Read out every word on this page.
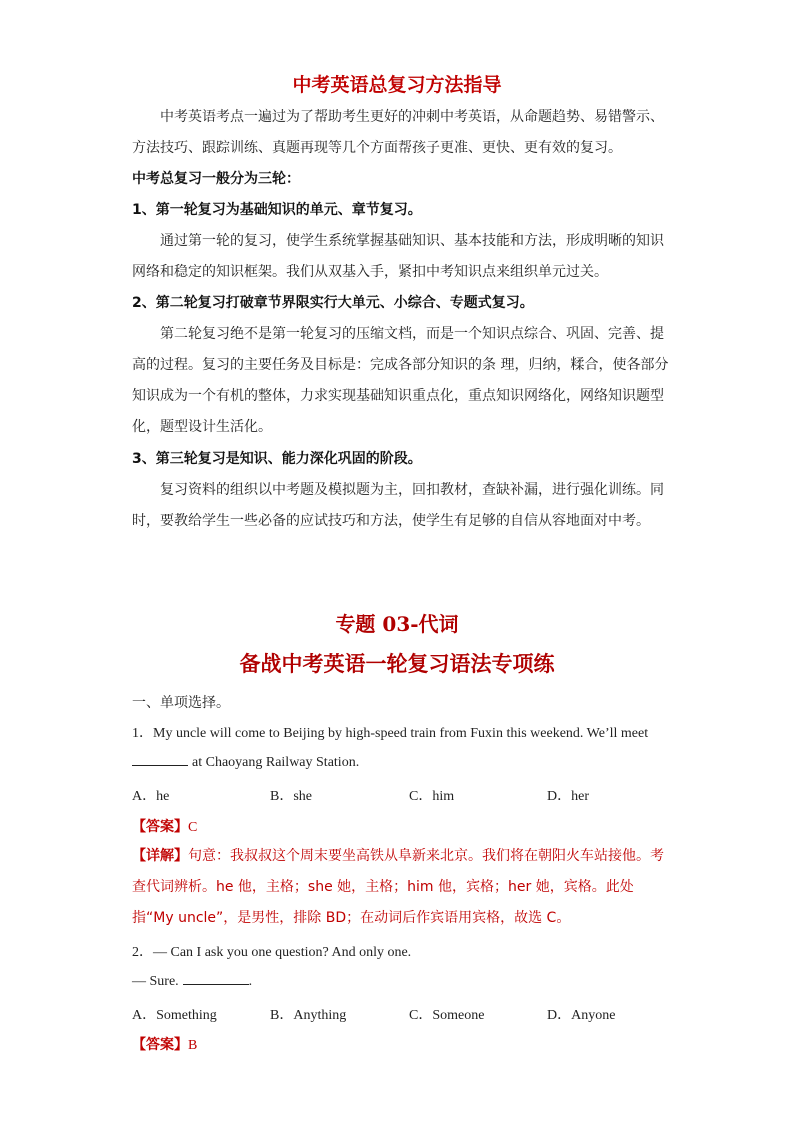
中考英语总复习方法指导

中考英语考点一遍过为了帮助考生更好的冲刺中考英语，从命题趋势、易错警示、方法技巧、跟踪训练、真题再现等几个方面帮孩子更准、更快、更有效的复习。

中考总复习一般分为三轮：

1、第一轮复习为基础知识的单元、章节复习。

通过第一轮的复习，使学生系统掌握基础知识、基本技能和方法，形成明晰的知识网络和稳定的知识框架。我们从双基入手，紧扣中考知识点来组织单元过关。

2、第二轮复习打破章节界限实行大单元、小综合、专题式复习。

第二轮复习绝不是第一轮复习的压缩文档，而是一个知识点综合、巩固、完善、提高的过程。复习的主要任务及目标是：完成各部分知识的条 理，归纳，糅合，使各部分知识成为一个有机的整体，力求实现基础知识重点化，重点知识网络化，网络知识题型化，题型设计生活化。

3、第三轮复习是知识、能力深化巩固的阶段。

复习资料的组织以中考题及模拟题为主，回扣教材，查缺补漏，进行强化训练。同时，要教给学生一些必备的应试技巧和方法，使学生有足够的自信从容地面对中考。

专题 03-代词
备战中考英语一轮复习语法专项练
一、单项选择。
1．My uncle will come to Beijing by high-speed train from Fuxin this weekend. We’ll meet
at Chaoyang Railway Station.
A．he	B．she	C．him	D．her
【答案】C
【详解】句意：我叔叔这个周末要坐高铁从阜新来北京。我们将在朝阳火车站接他。考查代词辨析。he 他，主格；she 她，主格；him 他，宾格；her 她，宾格。此处指“My uncle”，是男性，排除 BD；在动词后作宾语用宾格，故选 C。
2．— Can I ask you one question? And only one.
— Sure.	.
A．Something	B．Anything	C．Someone	D．Anyone
【答案】B
